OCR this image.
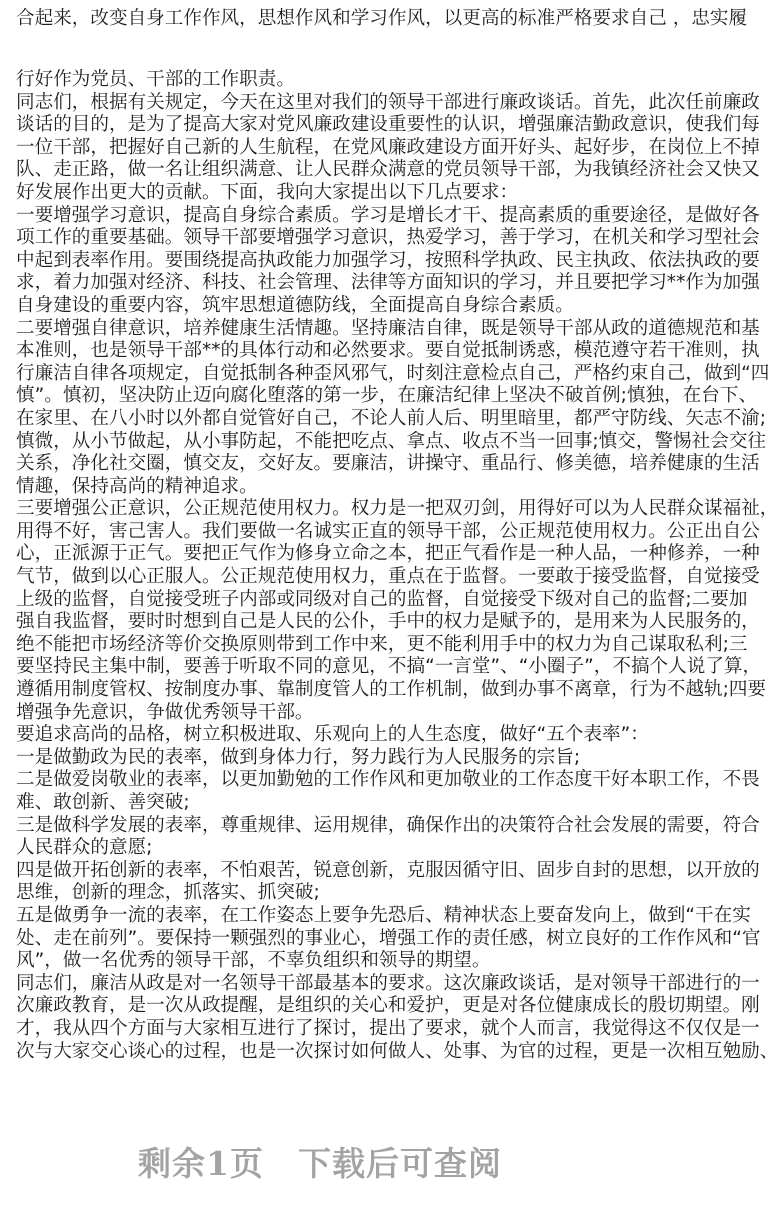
合起来，改变自身工作作风，思想作风和学习作风，以更高的标准严格要求自己 ，忠实履
行好作为党员、干部的工作职责。
同志们，根据有关规定，今天在这里对我们的领导干部进行廉政谈话。首先，此次任前廉政
谈话的目的，是为了提高大家对党风廉政建设重要性的认识，增强廉洁勤政意识，使我们每
一位干部，把握好自己新的人生航程，在党风廉政建设方面开好头、起好步，在岗位上不掉
队、走正路，做一名让组织满意、让人民群众满意的党员领导干部，为我镇经济社会又快又
好发展作出更大的贡献。下面，我向大家提出以下几点要求：
一要增强学习意识，提高自身综合素质。学习是增长才干、提高素质的重要途径，是做好各
项工作的重要基础。领导干部要增强学习意识，热爱学习，善于学习，在机关和学习型社会
中起到表率作用。要围绕提高执政能力加强学习，按照科学执政、民主执政、依法执政的要
求，着力加强对经济、科技、社会管理、法律等方面知识的学习，并且要把学习**作为加强
自身建设的重要内容，筑牢思想道德防线，全面提高自身综合素质。
二要增强自律意识，培养健康生活情趣。坚持廉洁自律，既是领导干部从政的道德规范和基
本准则，也是领导干部**的具体行动和必然要求。要自觉抵制诱惑，模范遵守若干准则，执
行廉洁自律各项规定，自觉抵制各种歪风邪气，时刻注意检点自己，严格约束自己，做到“四
慎”。慎初，坚决防止迈向腐化堕落的第一步，在廉洁纪律上坚决不破首例;慎独，在台下、
在家里、在八小时以外都自觉管好自己，不论人前人后、明里暗里，都严守防线、矢志不渝;
慎微，从小节做起，从小事防起，不能把吃点、拿点、收点不当一回事;慎交，警惕社会交往
关系，净化社交圈，慎交友，交好友。要廉洁，讲操守、重品行、修美德，培养健康的生活
情趣，保持高尚的精神追求。
三要增强公正意识，公正规范使用权力。权力是一把双刃剑，用得好可以为人民群众谋福祉，
用得不好，害己害人。我们要做一名诚实正直的领导干部，公正规范使用权力。公正出自公
心，正派源于正气。要把正气作为修身立命之本，把正气看作是一种人品，一种修养，一种
气节，做到以心正服人。公正规范使用权力，重点在于监督。一要敢于接受监督，自觉接受
上级的监督，自觉接受班子内部或同级对自己的监督，自觉接受下级对自己的监督;二要加
强自我监督，要时时想到自己是人民的公仆，手中的权力是赋予的，是用来为人民服务的，
绝不能把市场经济等价交换原则带到工作中来，更不能利用手中的权力为自己谋取私利;三
要坚持民主集中制，要善于听取不同的意见，不搞“一言堂”、“小圈子”，不搞个人说了算，
遵循用制度管权、按制度办事、靠制度管人的工作机制，做到办事不离章，行为不越轨;四要
增强争先意识，争做优秀领导干部。
要追求高尚的品格，树立积极进取、乐观向上的人生态度，做好“五个表率”：
一是做勤政为民的表率，做到身体力行，努力践行为人民服务的宗旨;
二是做爱岗敬业的表率，以更加勤勉的工作作风和更加敬业的工作态度干好本职工作，不畏
难、敢创新、善突破;
三是做科学发展的表率，尊重规律、运用规律，确保作出的决策符合社会发展的需要，符合
人民群众的意愿;
四是做开拓创新的表率，不怕艰苦，锐意创新，克服因循守旧、固步自封的思想，以开放的
思维，创新的理念，抓落实、抓突破;
五是做勇争一流的表率，在工作姿态上要争先恐后、精神状态上要奋发向上，做到“干在实
处、走在前列”。要保持一颗强烈的事业心，增强工作的责任感，树立良好的工作作风和“官
风”，做一名优秀的领导干部，不辜负组织和领导的期望。
同志们，廉洁从政是对一名领导干部最基本的要求。这次廉政谈话，是对领导干部进行的一
次廉政教育，是一次从政提醒，是组织的关心和爱护，更是对各位健康成长的殷切期望。刚
才，我从四个方面与大家相互进行了探讨，提出了要求，就个人而言，我觉得这不仅仅是一
次与大家交心谈心的过程，也是一次探讨如何做人、处事、为官的过程，更是一次相互勉励、
剩余1页 下载后可查阅
